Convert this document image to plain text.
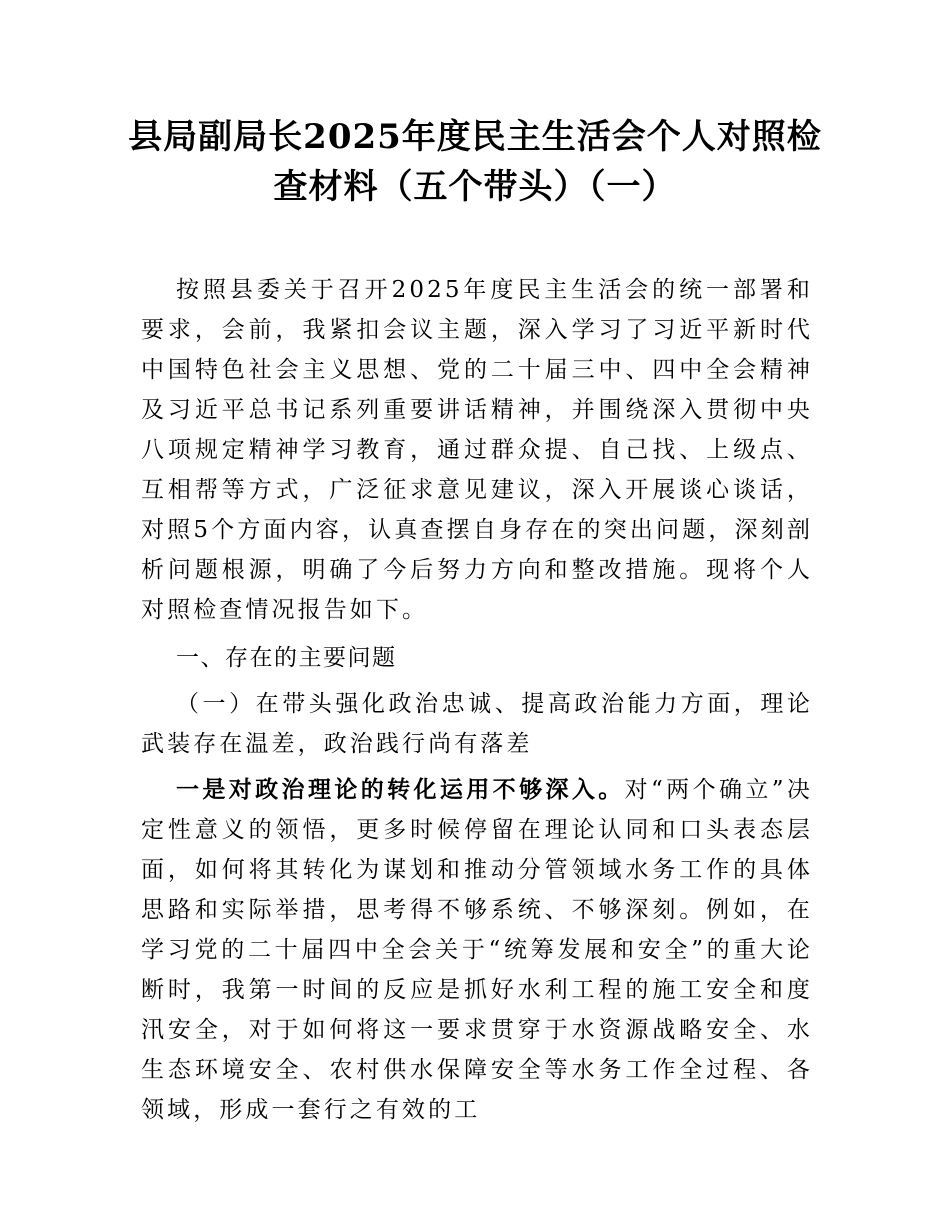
县局副局长2025年度民主生活会个人对照检
查材料（五个带头）（一）

按照县委关于召开2025年度民主生活会的统一部署和要求，会前，我紧扣会议主题，深入学习了习近平新时代中国特色社会主义思想、党的二十届三中、四中全会精神及习近平总书记系列重要讲话精神，并围绕深入贯彻中央八项规定精神学习教育，通过群众提、自己找、上级点、互相帮等方式，广泛征求意见建议，深入开展谈心谈话，对照5个方面内容，认真查摆自身存在的突出问题，深刻剖析问题根源，明确了今后努力方向和整改措施。现将个人对照检查情况报告如下。

一、存在的主要问题

（一）在带头强化政治忠诚、提高政治能力方面，理论武装存在温差，政治践行尚有落差

一是对政治理论的转化运用不够深入。对“两个确立”决定性意义的领悟，更多时候停留在理论认同和口头表态层面，如何将其转化为谋划和推动分管领域水务工作的具体思路和实际举措，思考得不够系统、不够深刻。例如，在学习党的二十届四中全会关于“统筹发展和安全”的重大论断时，我第一时间的反应是抓好水利工程的施工安全和度汛安全，对于如何将这一要求贯穿于水资源战略安全、水生态环境安全、农村供水保障安全等水务工作全过程、各领域，形成一套行之有效的工
